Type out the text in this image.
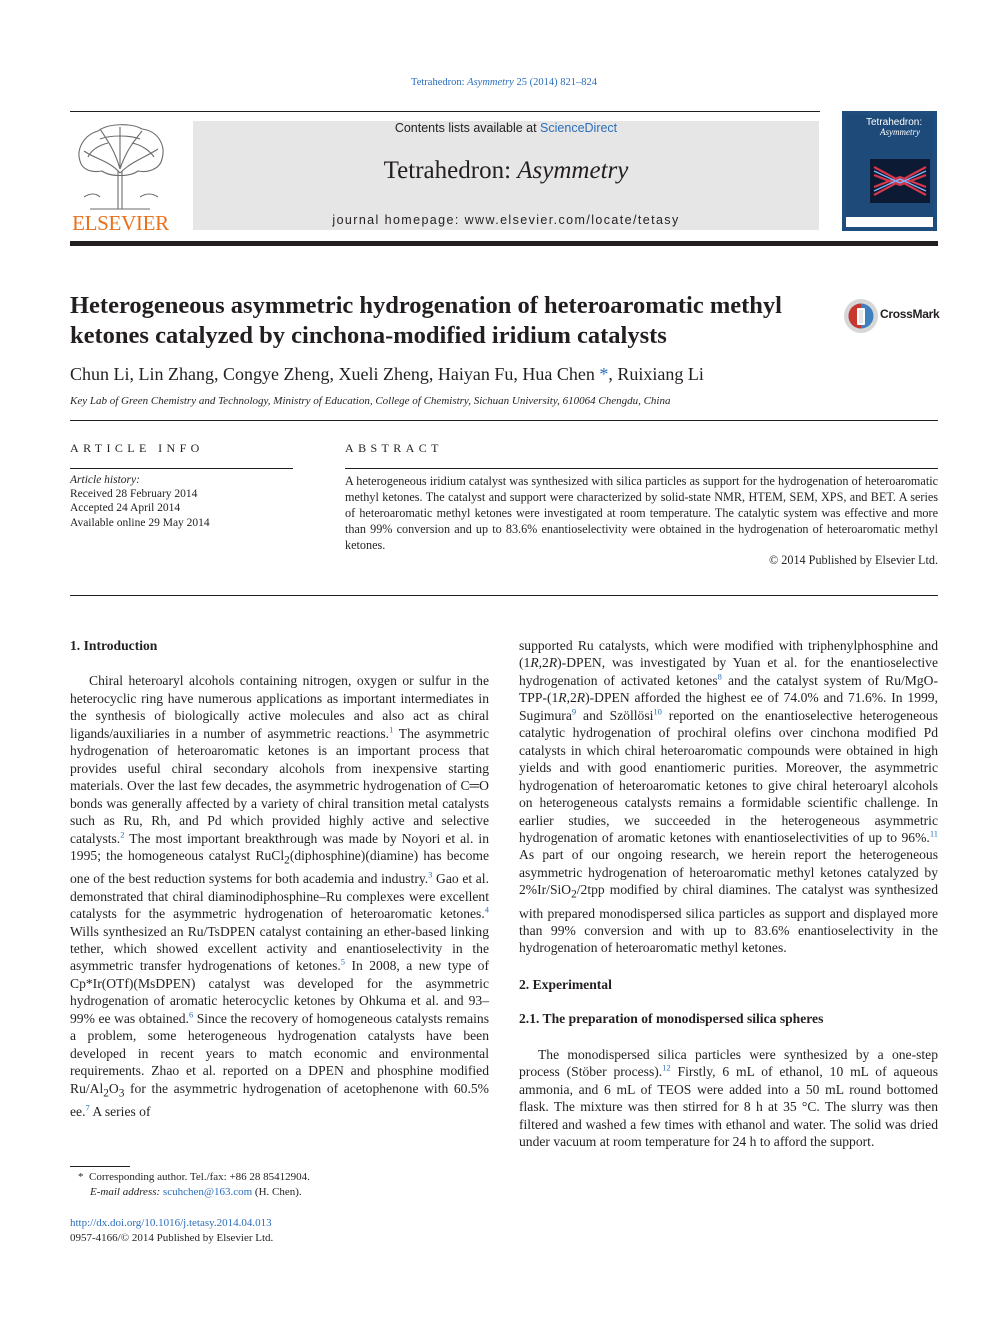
Tetrahedron: Asymmetry 25 (2014) 821–824
ELSEVIER
Contents lists available at ScienceDirect
Tetrahedron: Asymmetry
journal homepage: www.elsevier.com/locate/tetasy
Tetrahedron:
Asymmetry
Heterogeneous asymmetric hydrogenation of heteroaromatic methyl ketones catalyzed by cinchona-modified iridium catalysts
CrossMark
Chun Li, Lin Zhang, Congye Zheng, Xueli Zheng, Haiyan Fu, Hua Chen *, Ruixiang Li
Key Lab of Green Chemistry and Technology, Ministry of Education, College of Chemistry, Sichuan University, 610064 Chengdu, China
ARTICLE INFO
Article history:
Received 28 February 2014
Accepted 24 April 2014
Available online 29 May 2014
ABSTRACT
A heterogeneous iridium catalyst was synthesized with silica particles as support for the hydrogenation of heteroaromatic methyl ketones. The catalyst and support were characterized by solid-state NMR, HTEM, SEM, XPS, and BET. A series of heteroaromatic methyl ketones were investigated at room temperature. The catalytic system was effective and more than 99% conversion and up to 83.6% enantioselectivity were obtained in the hydrogenation of heteroaromatic methyl ketones.
© 2014 Published by Elsevier Ltd.
1. Introduction

Chiral heteroaryl alcohols containing nitrogen, oxygen or sulfur in the heterocyclic ring have numerous applications as important intermediates in the synthesis of biologically active molecules and also act as chiral ligands/auxiliaries in a number of asymmetric reactions.$^1$ The asymmetric hydrogenation of heteroaromatic ketones is an important process that provides useful chiral secondary alcohols from inexpensive starting materials. Over the last few decades, the asymmetric hydrogenation of C═O bonds was generally affected by a variety of chiral transition metal catalysts such as Ru, Rh, and Pd which provided highly active and selective catalysts.$^2$ The most important breakthrough was made by Noyori et al. in 1995; the homogeneous catalyst RuCl$_2$(diphosphine)(diamine) has become one of the best reduction systems for both academia and industry.$^3$ Gao et al. demonstrated that chiral diaminodiphosphine–Ru complexes were excellent catalysts for the asymmetric hydrogenation of heteroaromatic ketones.$^4$ Wills synthesized an Ru/TsDPEN catalyst containing an ether-based linking tether, which showed excellent activity and enantioselectivity in the asymmetric transfer hydrogenations of ketones.$^5$ In 2008, a new type of Cp*Ir(OTf)(MsDPEN) catalyst was developed for the asymmetric hydrogenation of aromatic heterocyclic ketones by Ohkuma et al. and 93–99% ee was obtained.$^6$ Since the recovery of homogeneous catalysts remains a problem, some heterogeneous hydrogenation catalysts have been developed in recent years to match economic and environmental requirements. Zhao et al. reported on a DPEN and phosphine modified $Ru/Al_2O_3$ for the asymmetric hydrogenation of acetophenone with 60.5% ee.$^7$ A series of

supported Ru catalysts, which were modified with triphenylphosphine and (1R,2R)-DPEN, was investigated by Yuan et al. for the enantioselective hydrogenation of activated ketones$^8$ and the catalyst system of Ru/MgO-TPP-(1R,2R)-DPEN afforded the highest ee of 74.0% and 71.6%. In 1999, Sugimura$^9$ and Szöllösi$^{10}$ reported on the enantioselective heterogeneous catalytic hydrogenation of prochiral olefins over cinchona modified Pd catalysts in which chiral heteroaromatic compounds were obtained in high yields and with good enantiomeric purities. Moreover, the asymmetric hydrogenation of heteroaromatic ketones to give chiral heteroaryl alcohols on heterogeneous catalysts remains a formidable scientific challenge. In earlier studies, we succeeded in the heterogeneous asymmetric hydrogenation of aromatic ketones with enantioselectivities of up to 96%.$^{11}$ As part of our ongoing research, we herein report the heterogeneous asymmetric hydrogenation of heteroaromatic methyl ketones catalyzed by 2%Ir/SiO$_2$/2tpp modified by chiral diamines. The catalyst was synthesized with prepared monodispersed silica particles as support and displayed more than 99% conversion and with up to 83.6% enantioselectivity in the hydrogenation of heteroaromatic methyl ketones.

2. Experimental
2.1. The preparation of monodispersed silica spheres

The monodispersed silica particles were synthesized by a one-step process (Stöber process).$^{12}$ Firstly, 6 mL of ethanol, 10 mL of aqueous ammonia, and 6 mL of TEOS were added into a 50 mL round bottomed flask. The mixture was then stirred for 8 h at 35 °C. The slurry was then filtered and washed a few times with ethanol and water. The solid was dried under vacuum at room temperature for 24 h to afford the support.

*  Corresponding author. Tel./fax: +86 28 85412904.
E-mail address: scuhchen@163.com (H. Chen).
http://dx.doi.org/10.1016/j.tetasy.2014.04.013
0957-4166/© 2014 Published by Elsevier Ltd.
